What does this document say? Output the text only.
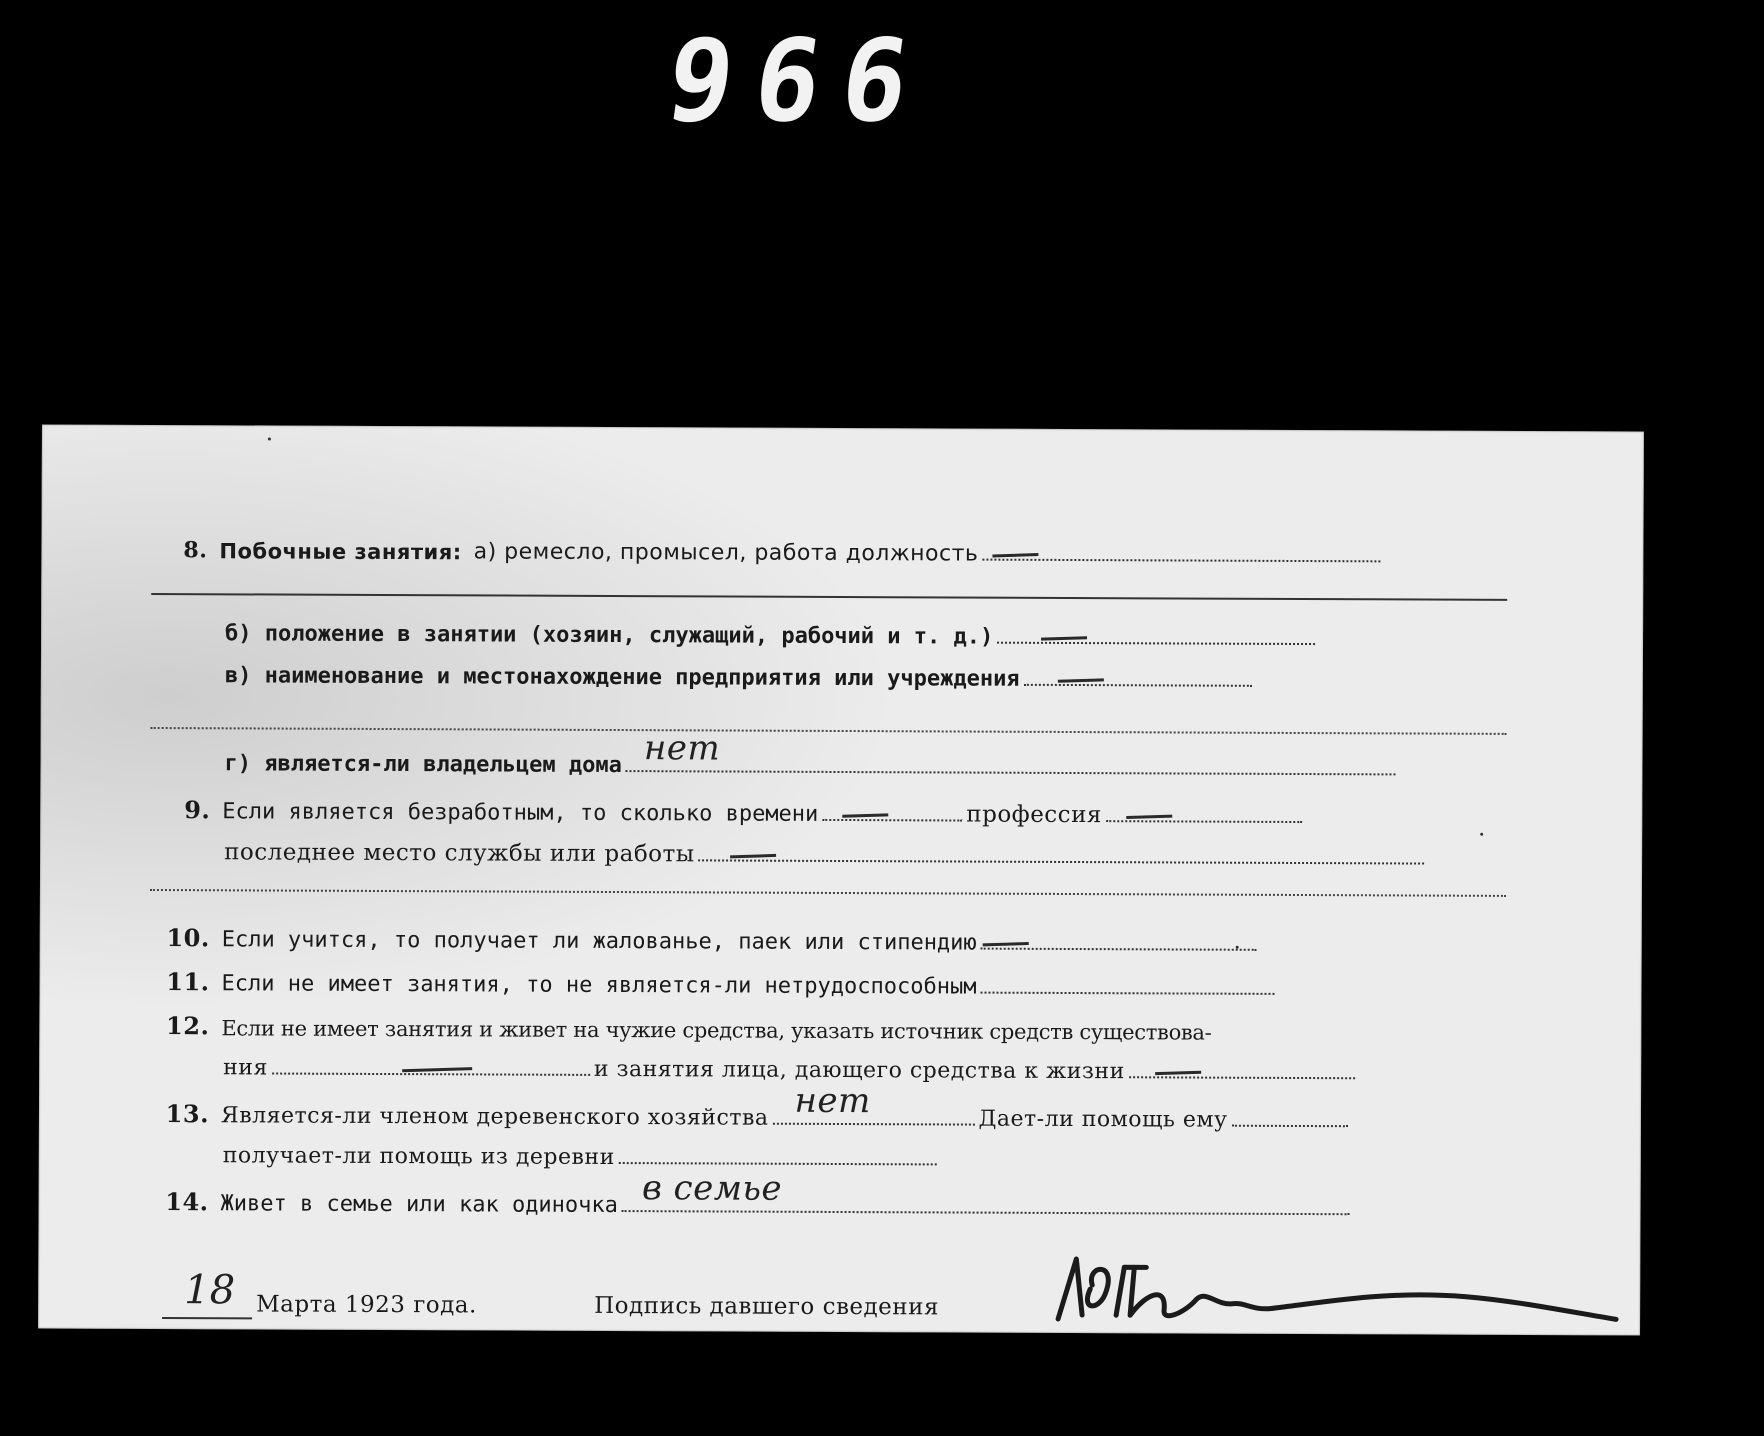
966
8. Побочные занятия: а) ремесло, промысел, работа должность
б) положение в занятии (хозяин, служащий, рабочий и т. д.)
в) наименование и местонахождение предприятия или учреждения
г) является-ли владельцем дома нет
9. Если является безработным, то сколько времени	профессия
последнее место службы или работы
10. Если учится, то получает ли жалованье, паек или стипендию
11. Если не имеет занятия, то не является-ли нетрудоспособным
12. Если не имеет занятия и живет на чужие средства, указать источник средств существова-
ния	и занятия лица, дающего средства к жизни
13. Является-ли членом деревенского хозяйства нет	Дает-ли помощь ему
получает-ли помощь из деревни
14. Живет в семье или как одиночка в семье
18 Марта 1923 года.	Подпись давшего сведения
